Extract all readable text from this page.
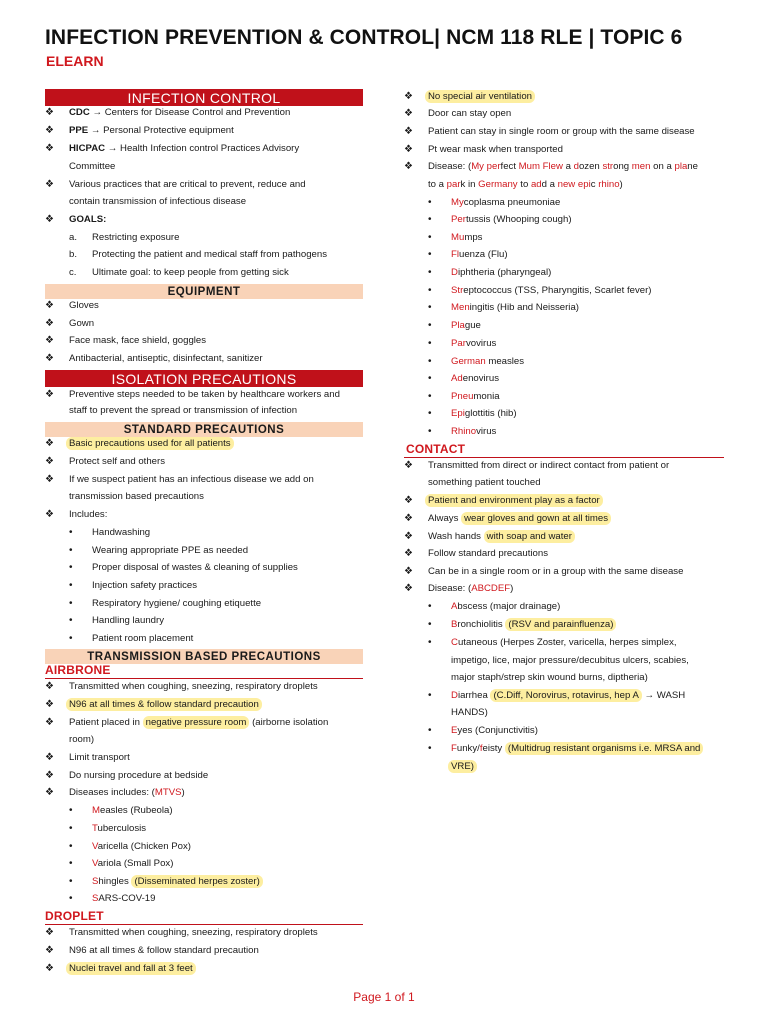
INFECTION PREVENTION & CONTROL| NCM 118 RLE | TOPIC 6
ELEARN
INFECTION CONTROL
❖ CDC → Centers for Disease Control and Prevention
❖ PPE → Personal Protective equipment
❖ HICPAC → Health Infection control Practices Advisory
Committee
❖ Various practices that are critical to prevent, reduce and
contain transmission of infectious disease
❖ GOALS:
a. Restricting exposure
b. Protecting the patient and medical staff from pathogens
c. Ultimate goal: to keep people from getting sick
EQUIPMENT
❖ Gloves
❖ Gown
❖ Face mask, face shield, goggles
❖ Antibacterial, antiseptic, disinfectant, sanitizer
ISOLATION PRECAUTIONS
❖ Preventive steps needed to be taken by healthcare workers and
staff to prevent the spread or transmission of infection
STANDARD PRECAUTIONS
❖ Basic precautions used for all patients
❖ Protect self and others
❖ If we suspect patient has an infectious disease we add on
transmission based precautions
❖ Includes:
• Handwashing
• Wearing appropriate PPE as needed
• Proper disposal of wastes & cleaning of supplies
• Injection safety practices
• Respiratory hygiene/ coughing etiquette
• Handling laundry
• Patient room placement
TRANSMISSION BASED PRECAUTIONS
AIRBRONE
❖ Transmitted when coughing, sneezing, respiratory droplets
❖ N96 at all times & follow standard precaution
❖ Patient placed in negative pressure room (airborne isolation
room)
❖ Limit transport
❖ Do nursing procedure at bedside
❖ Diseases includes: (MTVS)
• Measles (Rubeola)
• Tuberculosis
• Varicella (Chicken Pox)
• Variola (Small Pox)
• Shingles (Disseminated herpes zoster)
• SARS-COV-19
DROPLET
❖ Transmitted when coughing, sneezing, respiratory droplets
❖ N96 at all times & follow standard precaution
❖ Nuclei travel and fall at 3 feet
❖ No special air ventilation
❖ Door can stay open
❖ Patient can stay in single room or group with the same disease
❖ Pt wear mask when transported
❖ Disease: (My perfect Mum Flew a dozen strong men on a plane
to a park in Germany to add a new epic rhino)
• Mycoplasma pneumoniae
• Pertussis (Whooping cough)
• Mumps
• Fluenza (Flu)
• Diphtheria (pharyngeal)
• Streptococcus (TSS, Pharyngitis, Scarlet fever)
• Meningitis (Hib and Neisseria)
• Plague
• Parvovirus
• German measles
• Adenovirus
• Pneumonia
• Epiglottitis (hib)
• Rhinovirus
CONTACT
❖ Transmitted from direct or indirect contact from patient or
something patient touched
❖ Patient and environment play as a factor
❖ Always wear gloves and gown at all times
❖ Wash hands with soap and water
❖ Follow standard precautions
❖ Can be in a single room or in a group with the same disease
❖ Disease: (ABCDEF)
• Abscess (major drainage)
• Bronchiolitis (RSV and parainfluenza)
• Cutaneous (Herpes Zoster, varicella, herpes simplex,
impetigo, lice, major pressure/decubitus ulcers, scabies,
major staph/strep skin wound burns, diptheria)
• Diarrhea (C.Diff, Norovirus, rotavirus, hep A → WASH
HANDS)
• Eyes (Conjunctivitis)
• Funky/feisty (Multidrug resistant organisms i.e. MRSA and
VRE)
Page 1 of 1
